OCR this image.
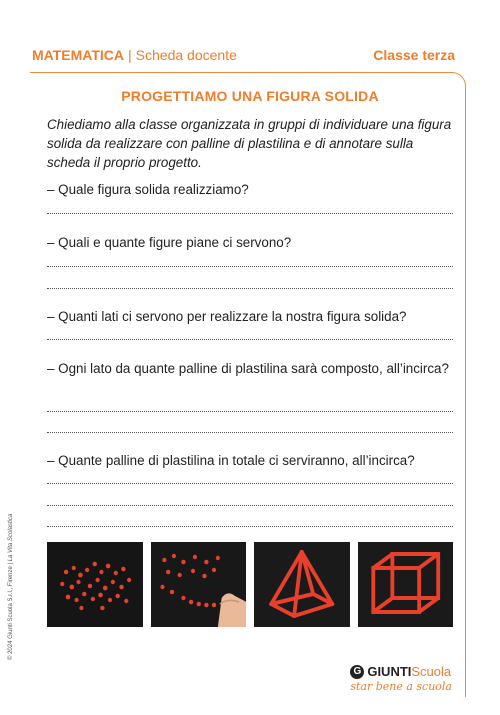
MATEMATICA | Scheda docente	Classe terza
PROGETTIAMO UNA FIGURA SOLIDA
Chiediamo alla classe organizzata in gruppi di individuare una figura solida da realizzare con palline di plastilina e di annotare sulla scheda il proprio progetto.
– Quale figura solida realizziamo?
– Quali e quante figure piane ci servono?
– Quanti lati ci servono per realizzare la nostra figura solida?
– Ogni lato da quante palline di plastilina sarà composto, all’incirca?
– Quante palline di plastilina in totale ci serviranno, all’incirca?
© 2024 Giunti Scuola S.r.l., Firenze | La Vita Scolastica
G GIUNTIScuola
star bene a scuola
